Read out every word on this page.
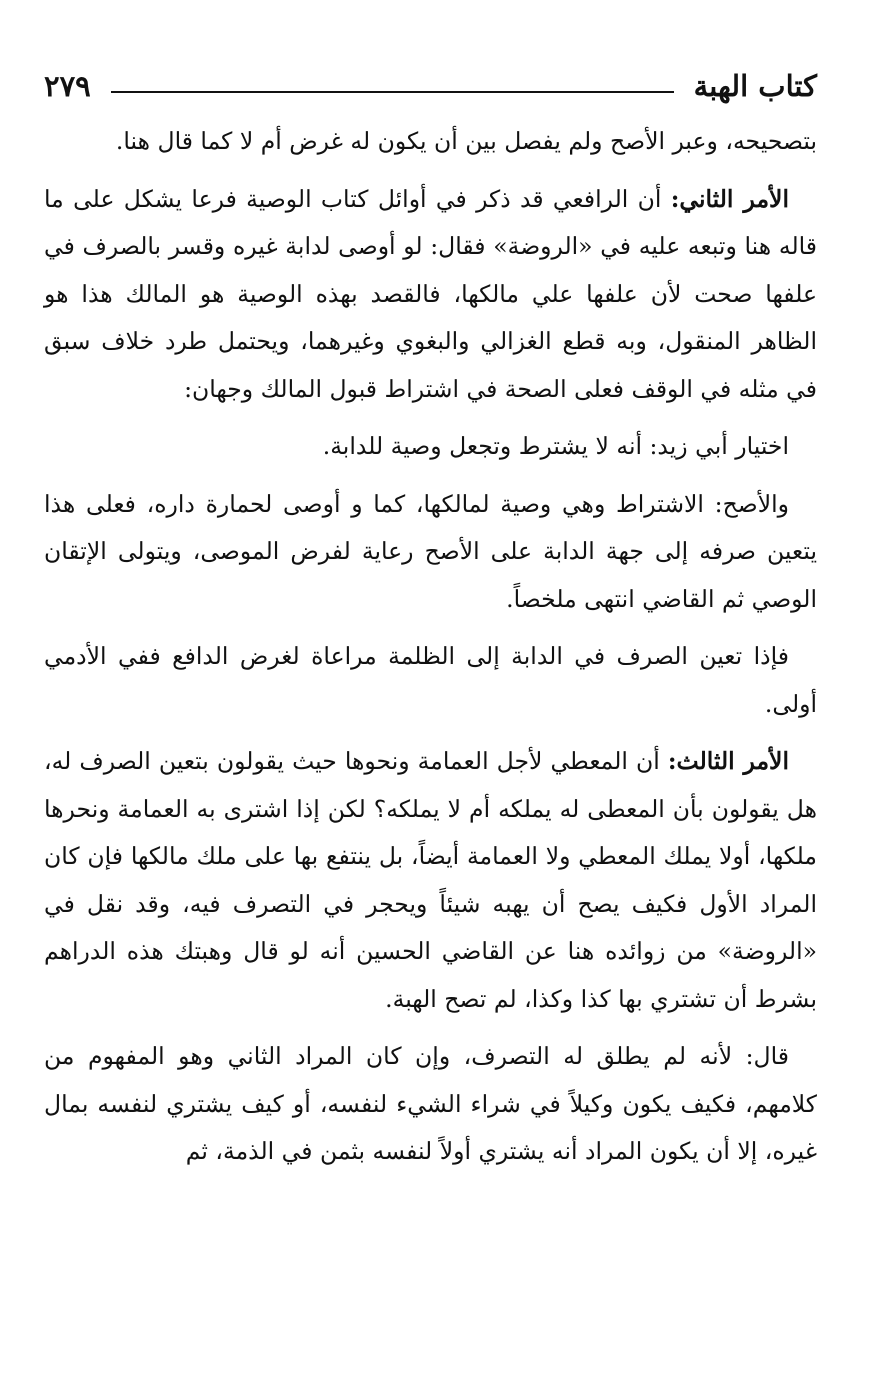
كتاب الهبة
٢٧٩

بتصحيحه، وعبر الأصح ولم يفصل بين أن يكون له غرض أم لا كما قال هنا.

الأمر الثاني: أن الرافعي قد ذكر في أوائل كتاب الوصية فرعا يشكل على ما قاله هنا وتبعه عليه في «الروضة» فقال: لو أوصى لدابة غيره وقسر بالصرف في علفها صحت لأن علفها علي مالكها، فالقصد بهذه الوصية هو المالك هذا هو الظاهر المنقول، وبه قطع الغزالي والبغوي وغيرهما، ويحتمل طرد خلاف سبق في مثله في الوقف فعلى الصحة في اشتراط قبول المالك وجهان:

اختيار أبي زيد: أنه لا يشترط وتجعل وصية للدابة.

والأصح: الاشتراط وهي وصية لمالكها، كما و أوصى لحمارة داره، فعلى هذا يتعين صرفه إلى جهة الدابة على الأصح رعاية لفرض الموصى، ويتولى الإتقان الوصي ثم القاضي انتهى ملخصاً.

فإذا تعين الصرف في الدابة إلى الظلمة مراعاة لغرض الدافع ففي الأدمي أولى.

الأمر الثالث: أن المعطي لأجل العمامة ونحوها حيث يقولون بتعين الصرف له، هل يقولون بأن المعطى له يملكه أم لا يملكه؟ لكن إذا اشترى به العمامة ونحرها ملكها، أولا يملك المعطي ولا العمامة أيضاً، بل ينتفع بها على ملك مالكها فإن كان المراد الأول فكيف يصح أن يهبه شيئاً ويحجر في التصرف فيه، وقد نقل في «الروضة» من زوائده هنا عن القاضي الحسين أنه لو قال وهبتك هذه الدراهم بشرط أن تشتري بها كذا وكذا، لم تصح الهبة.

قال: لأنه لم يطلق له التصرف، وإن كان المراد الثاني وهو المفهوم من كلامهم، فكيف يكون وكيلاً في شراء الشيء لنفسه، أو كيف يشتري لنفسه بمال غيره، إلا أن يكون المراد أنه يشتري أولاً لنفسه بثمن في الذمة، ثم
